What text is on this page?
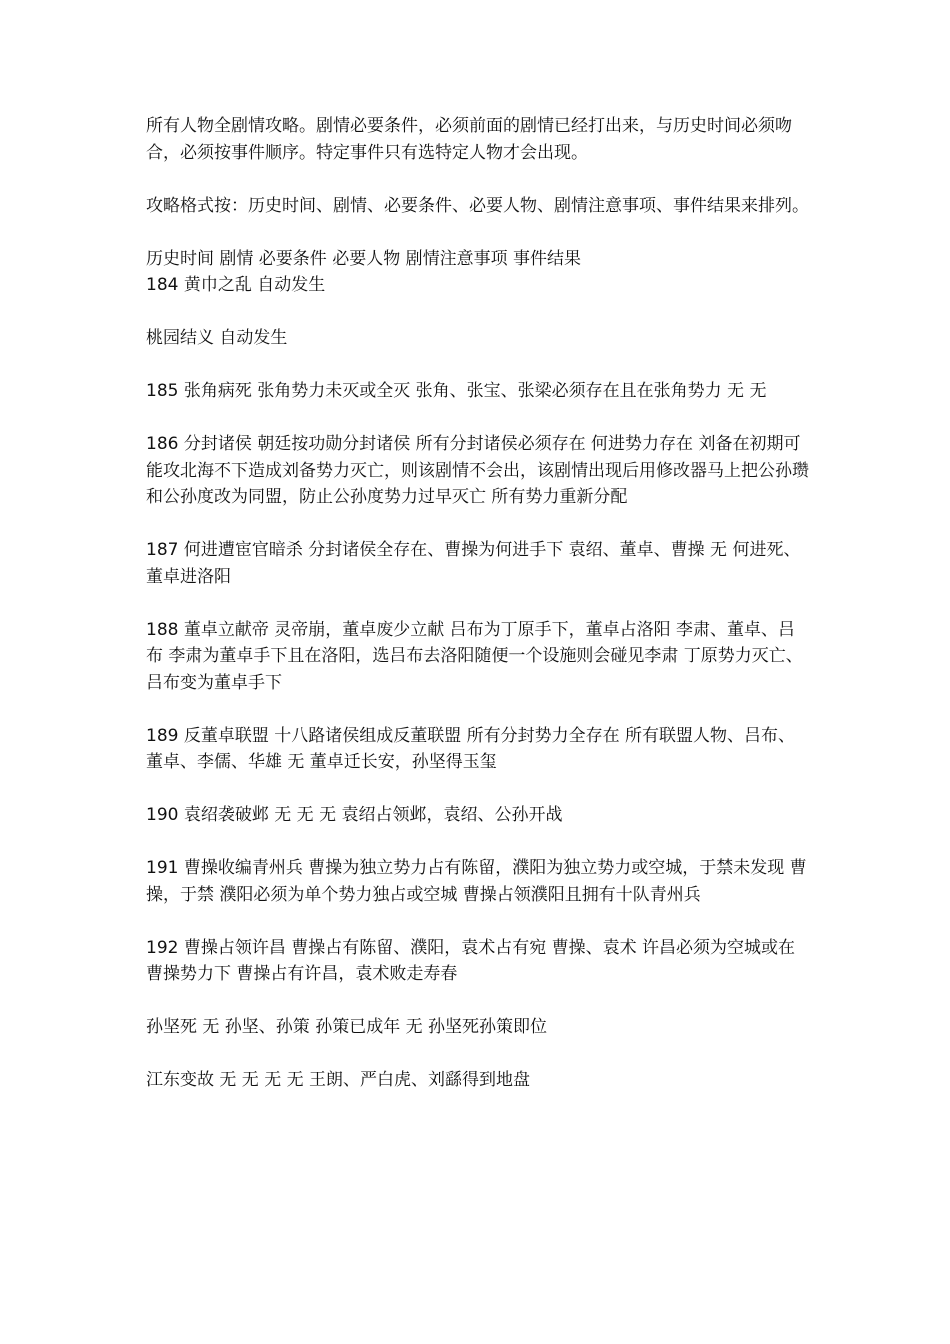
所有人物全剧情攻略。剧情必要条件，必须前面的剧情已经打出来，与历史时间必须吻合，必须按事件顺序。特定事件只有选特定人物才会出现。

攻略格式按：历史时间、剧情、必要条件、必要人物、剧情注意事项、事件结果来排列。

历史时间 剧情 必要条件 必要人物 剧情注意事项 事件结果

184 黄巾之乱 自动发生

桃园结义 自动发生

185 张角病死 张角势力未灭或全灭 张角、张宝、张梁必须存在且在张角势力 无 无

186 分封诸侯 朝廷按功勋分封诸侯 所有分封诸侯必须存在 何进势力存在 刘备在初期可能攻北海不下造成刘备势力灭亡，则该剧情不会出，该剧情出现后用修改器马上把公孙瓒和公孙度改为同盟，防止公孙度势力过早灭亡 所有势力重新分配

187 何进遭宦官暗杀 分封诸侯全存在、曹操为何进手下 袁绍、董卓、曹操 无 何进死、董卓进洛阳

188 董卓立献帝 灵帝崩，董卓废少立献 吕布为丁原手下，董卓占洛阳 李肃、董卓、吕布 李肃为董卓手下且在洛阳，选吕布去洛阳随便一个设施则会碰见李肃 丁原势力灭亡、吕布变为董卓手下

189 反董卓联盟 十八路诸侯组成反董联盟 所有分封势力全存在 所有联盟人物、吕布、董卓、李儒、华雄 无 董卓迁长安，孙坚得玉玺

190 袁绍袭破邺 无 无 无 袁绍占领邺，袁绍、公孙开战

191 曹操收编青州兵 曹操为独立势力占有陈留，濮阳为独立势力或空城，于禁未发现 曹操，于禁 濮阳必须为单个势力独占或空城 曹操占领濮阳且拥有十队青州兵

192 曹操占领许昌 曹操占有陈留、濮阳，袁术占有宛 曹操、袁术 许昌必须为空城或在曹操势力下 曹操占有许昌，袁术败走寿春

孙坚死 无 孙坚、孙策 孙策已成年 无 孙坚死孙策即位

江东变故 无 无 无 无 王朗、严白虎、刘繇得到地盘
